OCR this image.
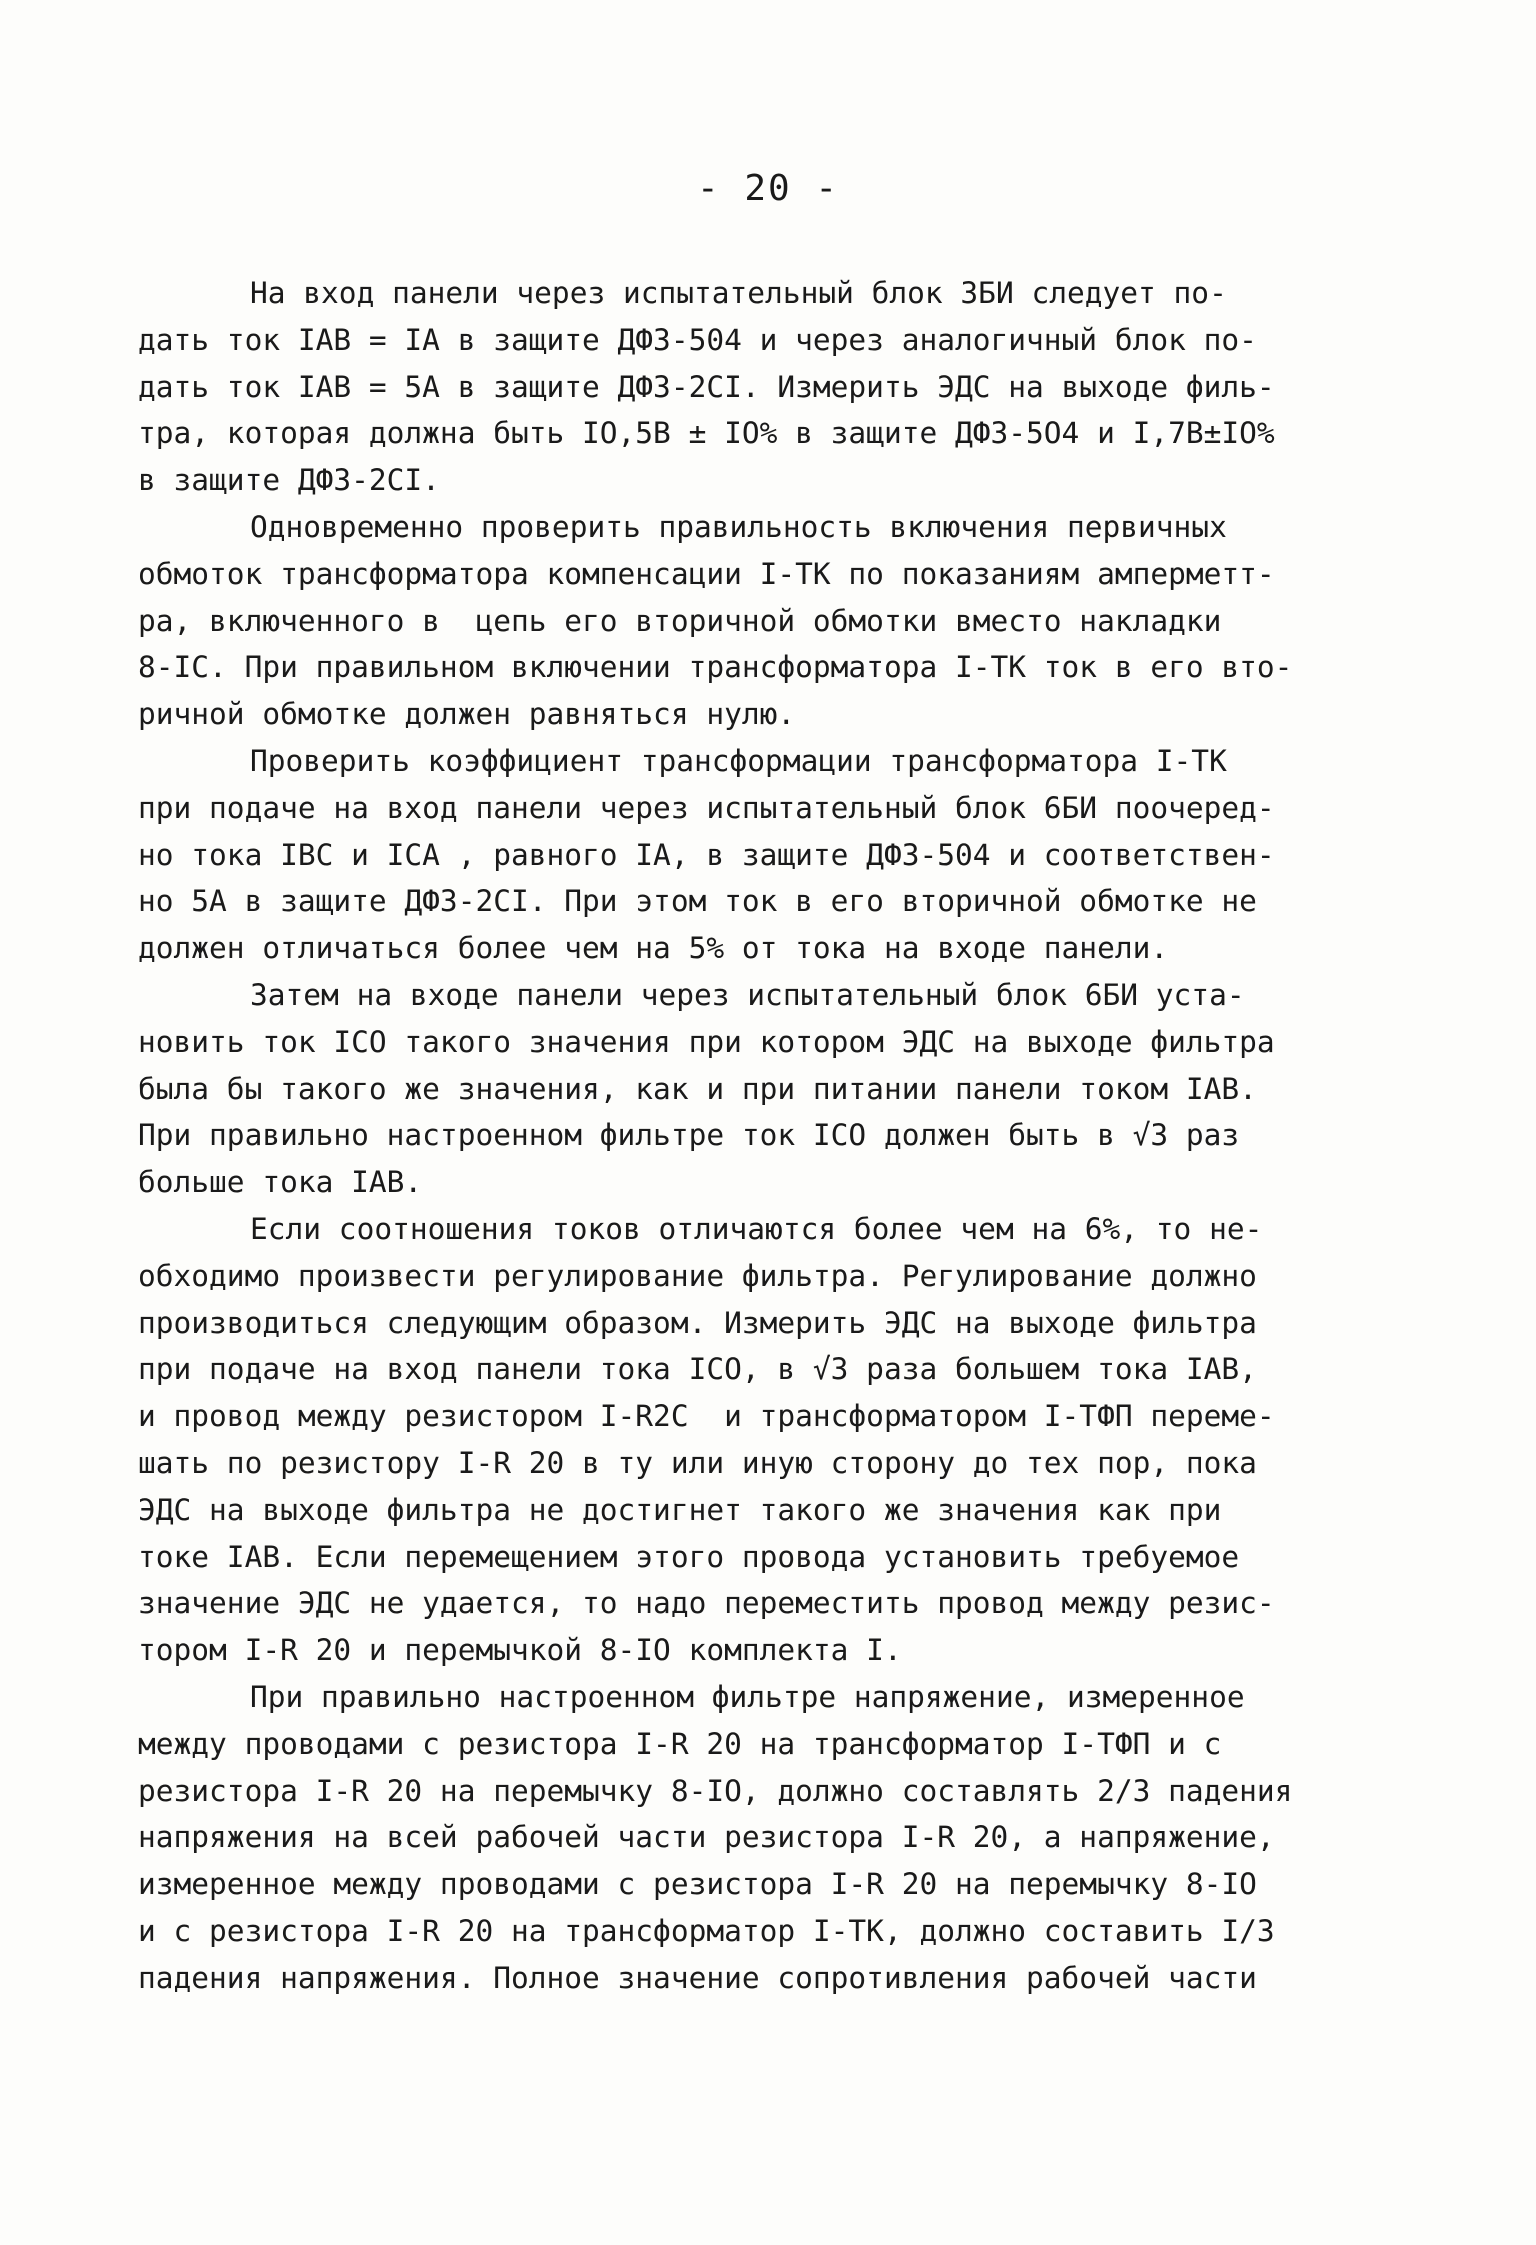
- 20 -
На вход панели через испытательный блок 3БИ следует по-
дать ток IАВ = IА в защите ДФЗ-504 и через аналогичный блок по-
дать ток IАВ = 5А в защите ДФЗ-2СI. Измерить ЭДС на выходе филь-
тра, которая должна быть IО,5В ± IО% в защите ДФЗ-5О4 и I,7В±IО%
в защите ДФЗ-2СI.
Одновременно проверить правильность включения первичных
обмоток трансформатора компенсации I-ТК по показаниям амперметт-
ра, включенного в  цепь его вторичной обмотки вместо накладки
8-IС. При правильном включении трансформатора I-ТК ток в его вто-
ричной обмотке должен равняться нулю.
Проверить коэффициент трансформации трансформатора I-ТК
при подаче на вход панели через испытательный блок 6БИ поочеред-
но тока IВС и IСА , равного IА, в защите ДФЗ-504 и соответствен-
но 5А в защите ДФЗ-2СI. При этом ток в его вторичной обмотке не
должен отличаться более чем на 5% от тока на входе панели.
Затем на входе панели через испытательный блок 6БИ уста-
новить ток IСО такого значения при котором ЭДС на выходе фильтра
была бы такого же значения, как и при питании панели током IАВ.
При правильно настроенном фильтре ток IСО должен быть в √3 раз
больше тока IАВ.
Если соотношения токов отличаются более чем на 6%, то не-
обходимо произвести регулирование фильтра. Регулирование должно
производиться следующим образом. Измерить ЭДС на выходе фильтра
при подаче на вход панели тока IСО, в √3 раза большем тока IАВ,
и провод между резистором I-R2C  и трансформатором I-ТФП переме-
шать по резистору I-R 20 в ту или иную сторону до тех пор, пока
ЭДС на выходе фильтра не достигнет такого же значения как при
токе IАВ. Если перемещением этого провода установить требуемое
значение ЭДС не удается, то надо переместить провод между резис-
тором I-R 20 и перемычкой 8-IО комплекта I.
При правильно настроенном фильтре напряжение, измеренное
между проводами с резистора I-R 20 на трансформатор I-ТФП и с
резистора I-R 20 на перемычку 8-IО, должно составлять 2/3 падения
напряжения на всей рабочей части резистора I-R 20, а напряжение,
измеренное между проводами с резистора I-R 20 на перемычку 8-IО
и с резистора I-R 20 на трансформатор I-ТК, должно составить I/3
падения напряжения. Полное значение сопротивления рабочей части
